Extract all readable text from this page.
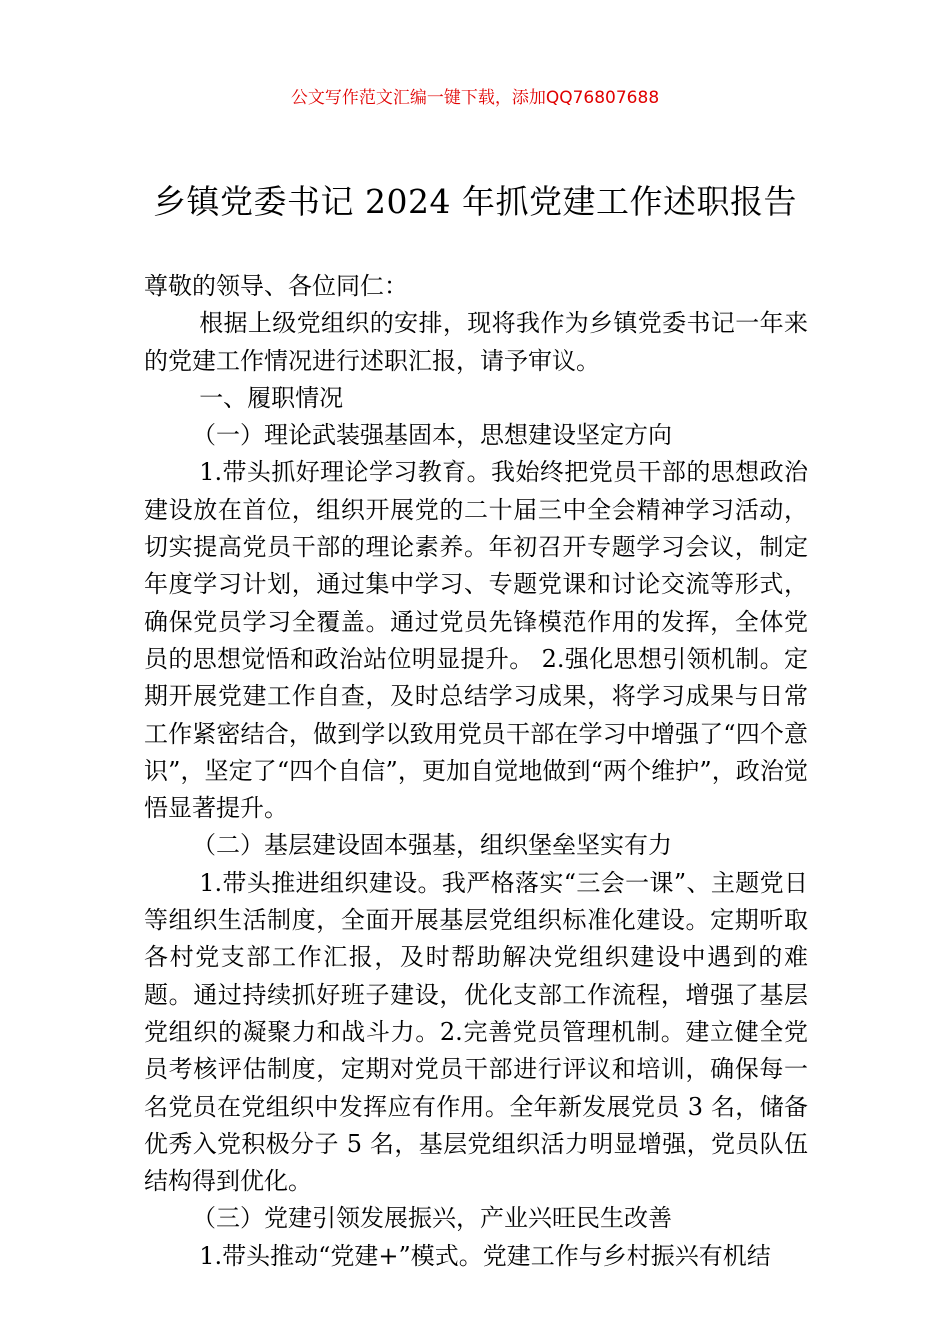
公文写作范文汇编一键下载，添加QQ76807688
乡镇党委书记 2024 年抓党建工作述职报告

尊敬的领导、各位同仁：

根据上级党组织的安排，现将我作为乡镇党委书记一年来的党建工作情况进行述职汇报，请予审议。

一、履职情况

（一）理论武装强基固本，思想建设坚定方向

1.带头抓好理论学习教育。我始终把党员干部的思想政治建设放在首位，组织开展党的二十届三中全会精神学习活动，切实提高党员干部的理论素养。年初召开专题学习会议，制定年度学习计划，通过集中学习、专题党课和讨论交流等形式，确保党员学习全覆盖。通过党员先锋模范作用的发挥，全体党员的思想觉悟和政治站位明显提升。 2.强化思想引领机制。定期开展党建工作自查，及时总结学习成果，将学习成果与日常工作紧密结合，做到学以致用党员干部在学习中增强了“四个意识”，坚定了“四个自信”，更加自觉地做到“两个维护”，政治觉悟显著提升。

（二）基层建设固本强基，组织堡垒坚实有力

1.带头推进组织建设。我严格落实“三会一课”、主题党日等组织生活制度，全面开展基层党组织标准化建设。定期听取各村党支部工作汇报，及时帮助解决党组织建设中遇到的难题。通过持续抓好班子建设，优化支部工作流程，增强了基层党组织的凝聚力和战斗力。2.完善党员管理机制。建立健全党员考核评估制度，定期对党员干部进行评议和培训，确保每一名党员在党组织中发挥应有作用。全年新发展党员 3 名，储备优秀入党积极分子 5 名，基层党组织活力明显增强，党员队伍结构得到优化。

（三）党建引领发展振兴，产业兴旺民生改善

1.带头推动“党建+”模式。党建工作与乡村振兴有机结
